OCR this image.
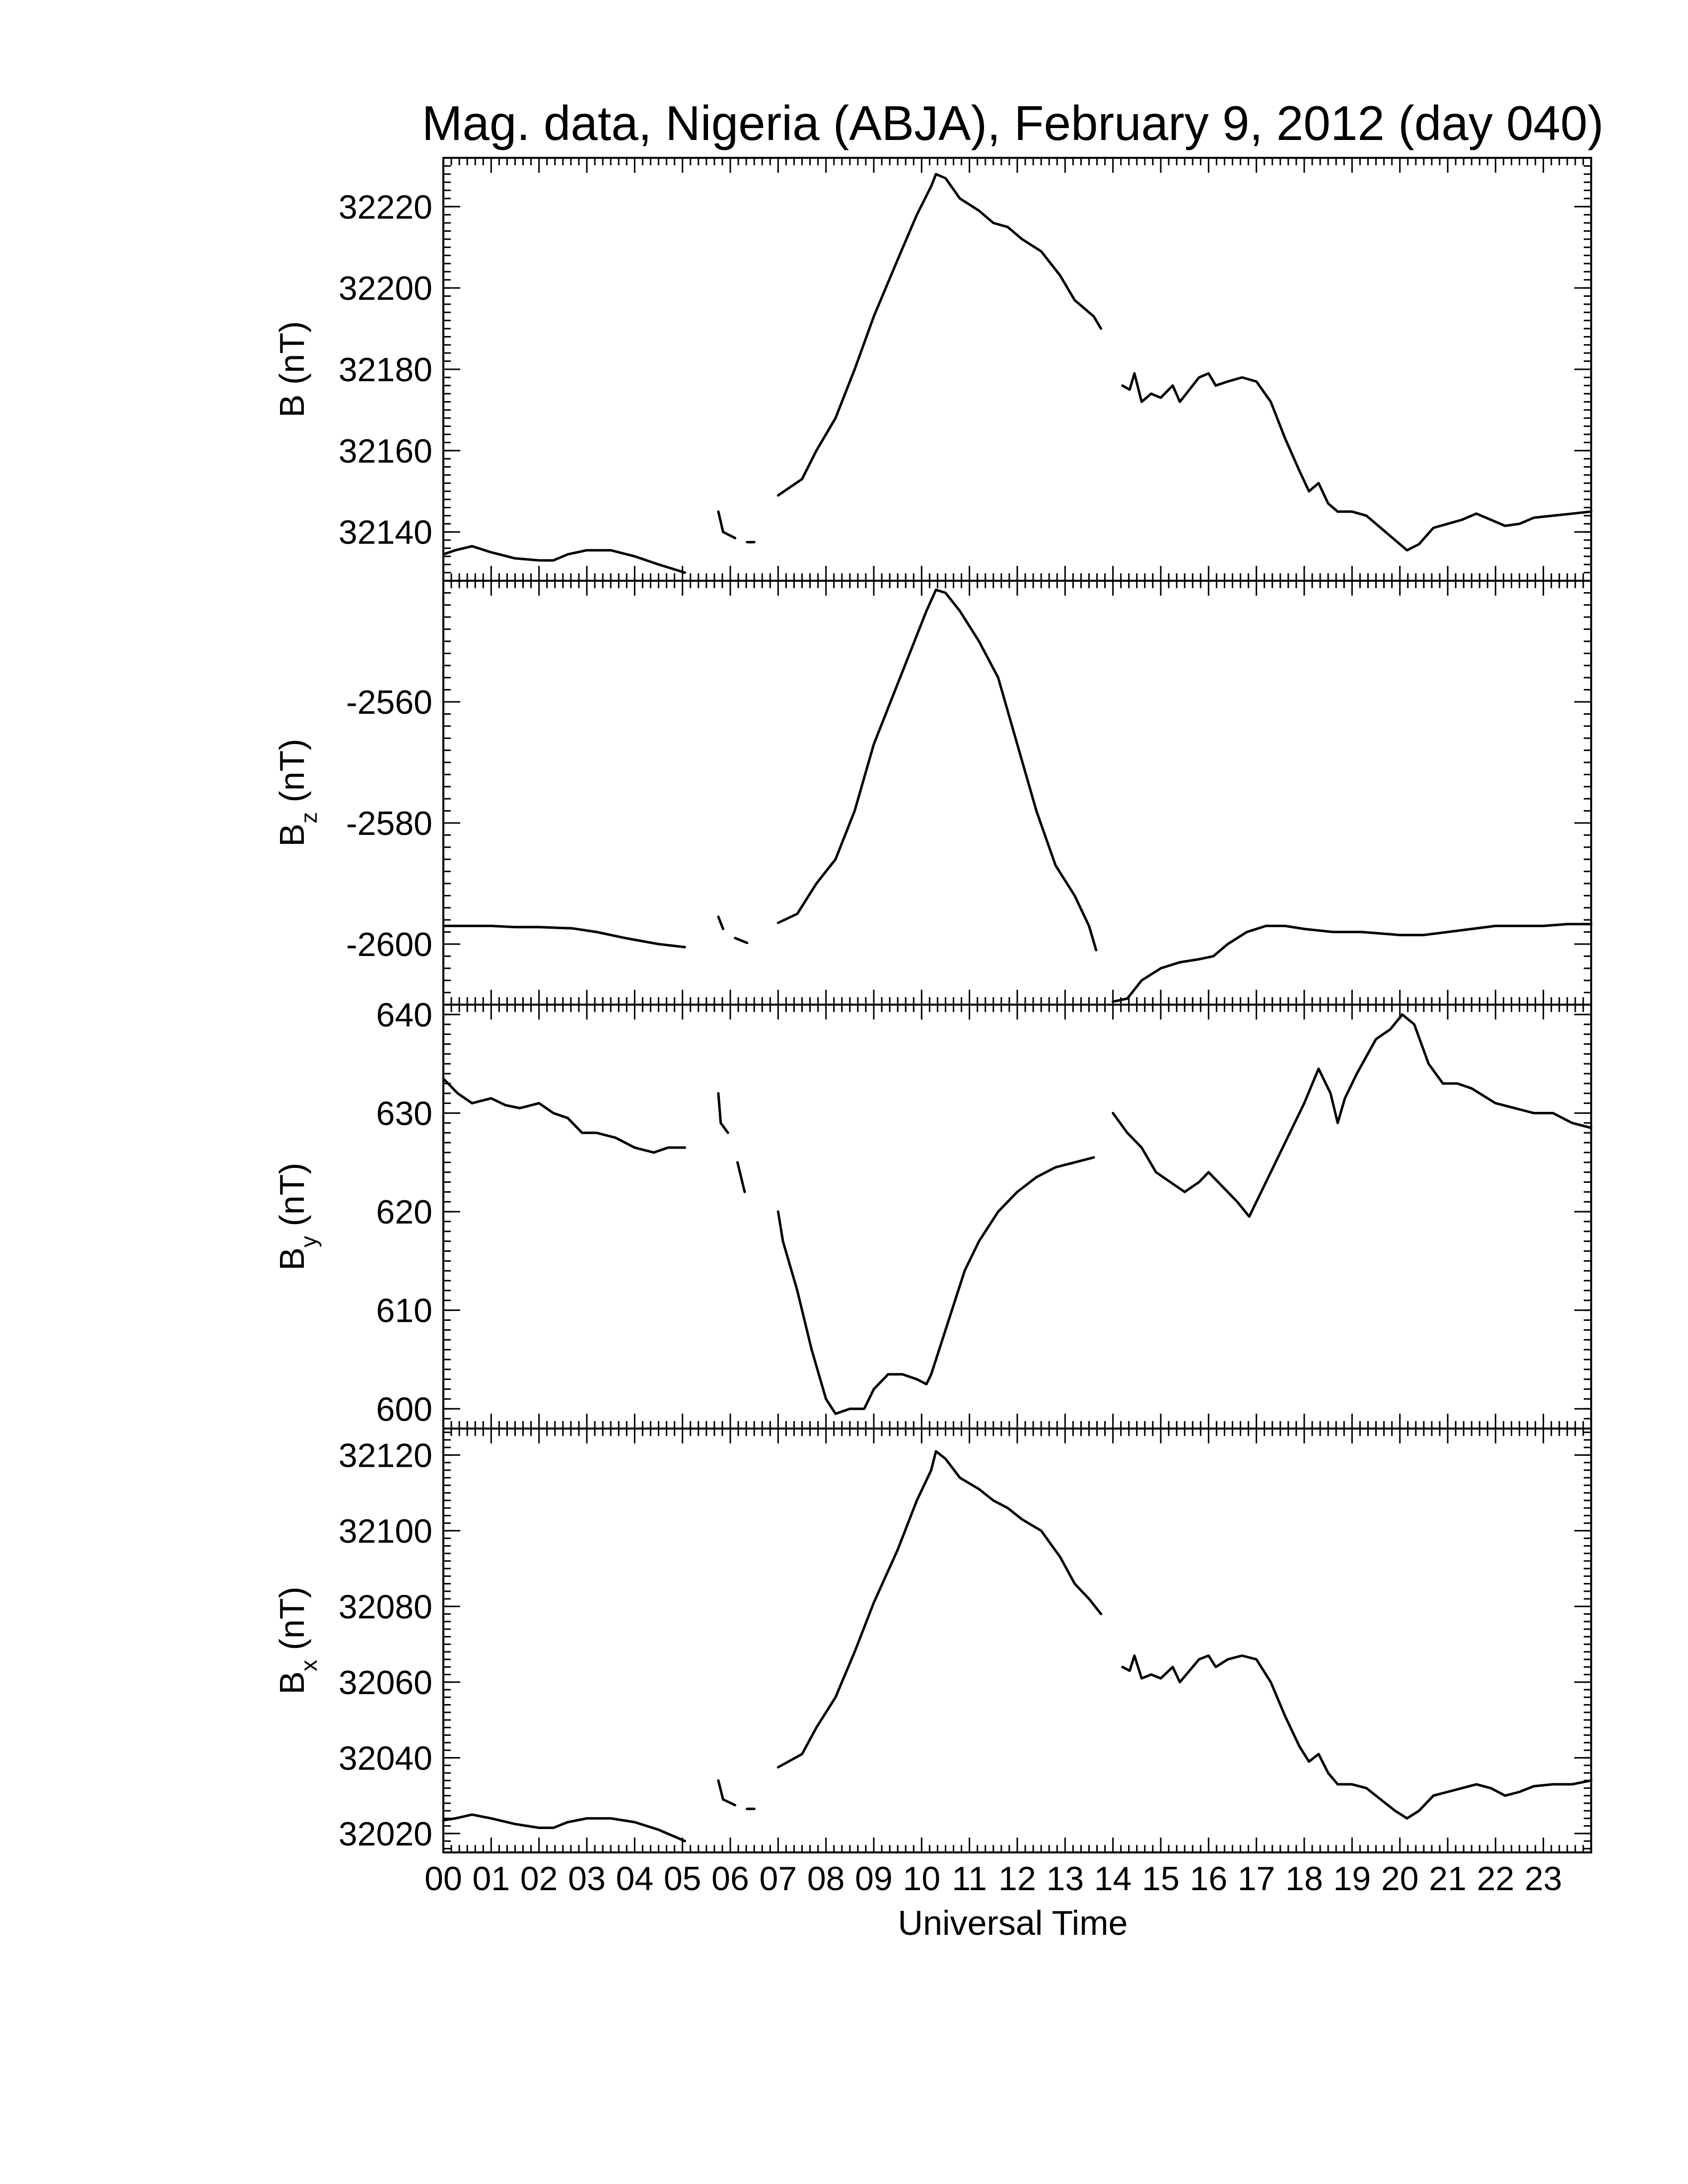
Mag. data, Nigeria (ABJA), February 9, 2012 (day 040)
32140
32160
32180
32200
32220
B (nT)
-2600
-2580
-2560
$B_z$ (nT)
600
610
620
630
640
$B_y$ (nT)
32020
32040
32060
32080
32100
32120
$B_x$ (nT)
00 01 02 03 04 05 06 07 08 09 10 11 12 13 14 15 16 17 18 19 20 21 22 23
Universal Time
